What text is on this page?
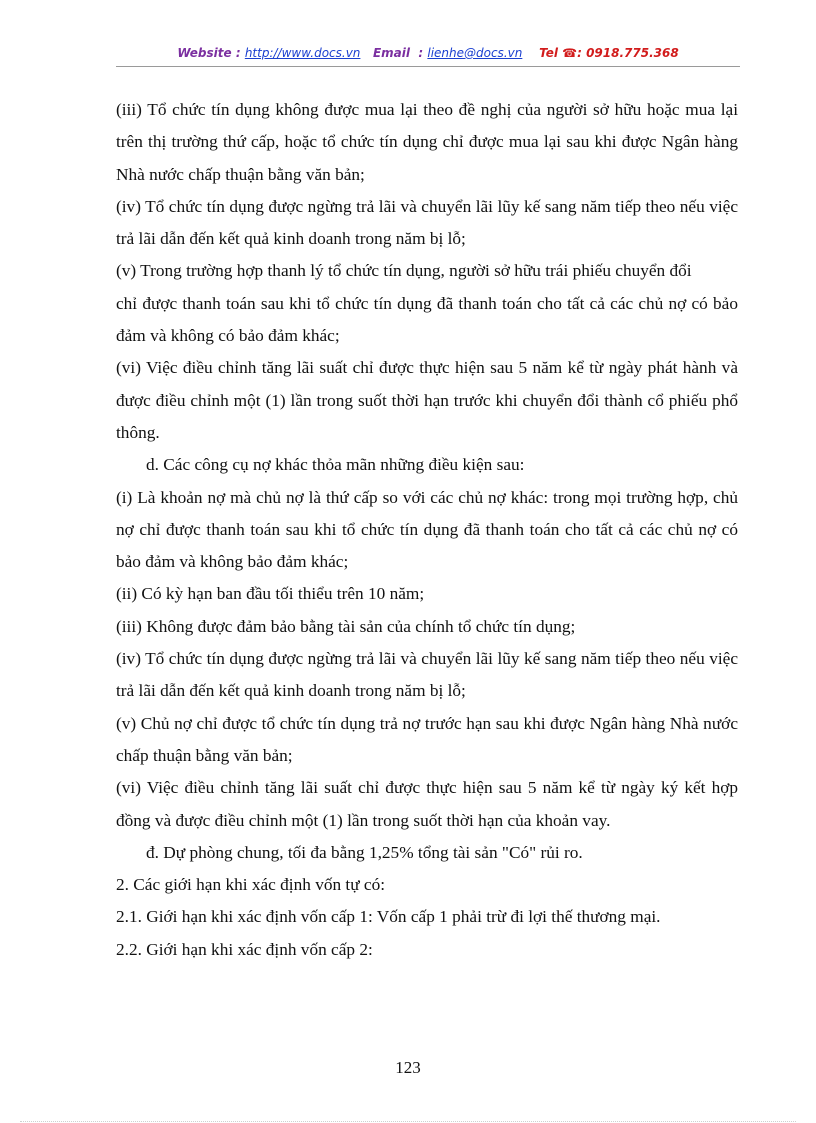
Website : http://www.docs.vn Email : lienhe@docs.vn Tel ☎: 0918.775.368

(iii) Tổ chức tín dụng không được mua lại theo đề nghị của người sở hữu hoặc mua lại trên thị trường thứ cấp, hoặc tổ chức tín dụng chỉ được mua lại sau khi được Ngân hàng Nhà nước chấp thuận bằng văn bản;

(iv) Tổ chức tín dụng được ngừng trả lãi và chuyển lãi lũy kế sang năm tiếp theo nếu việc trả lãi dẫn đến kết quả kinh doanh trong năm bị lỗ;

(v) Trong trường hợp thanh lý tổ chức tín dụng, người sở hữu trái phiếu chuyển đổi

chỉ được thanh toán sau khi tổ chức tín dụng đã thanh toán cho tất cả các chủ nợ có bảo đảm và không có bảo đảm khác;

(vi) Việc điều chỉnh tăng lãi suất chỉ được thực hiện sau 5 năm kể từ ngày phát hành và được điều chỉnh một (1) lần trong suốt thời hạn trước khi chuyển đổi thành cổ phiếu phổ thông.

d. Các công cụ nợ khác thỏa mãn những điều kiện sau:

(i) Là khoản nợ mà chủ nợ là thứ cấp so với các chủ nợ khác: trong mọi trường hợp, chủ nợ chỉ được thanh toán sau khi tổ chức tín dụng đã thanh toán cho tất cả các chủ nợ có bảo đảm và không bảo đảm khác;

(ii) Có kỳ hạn ban đầu tối thiểu trên 10 năm;

(iii) Không được đảm bảo bằng tài sản của chính tổ chức tín dụng;

(iv) Tổ chức tín dụng được ngừng trả lãi và chuyển lãi lũy kế sang năm tiếp theo nếu việc trả lãi dẫn đến kết quả kinh doanh trong năm bị lỗ;

(v) Chủ nợ chỉ được tổ chức tín dụng trả nợ trước hạn sau khi được Ngân hàng Nhà nước chấp thuận bằng văn bản;

(vi) Việc điều chỉnh tăng lãi suất chỉ được thực hiện sau 5 năm kể từ ngày ký kết hợp đồng và được điều chỉnh một (1) lần trong suốt thời hạn của khoản vay.

đ. Dự phòng chung, tối đa bằng 1,25% tổng tài sản "Có" rủi ro.

2. Các giới hạn khi xác định vốn tự có:

2.1. Giới hạn khi xác định vốn cấp 1: Vốn cấp 1 phải trừ đi lợi thế thương mại.

2.2. Giới hạn khi xác định vốn cấp 2:

123
